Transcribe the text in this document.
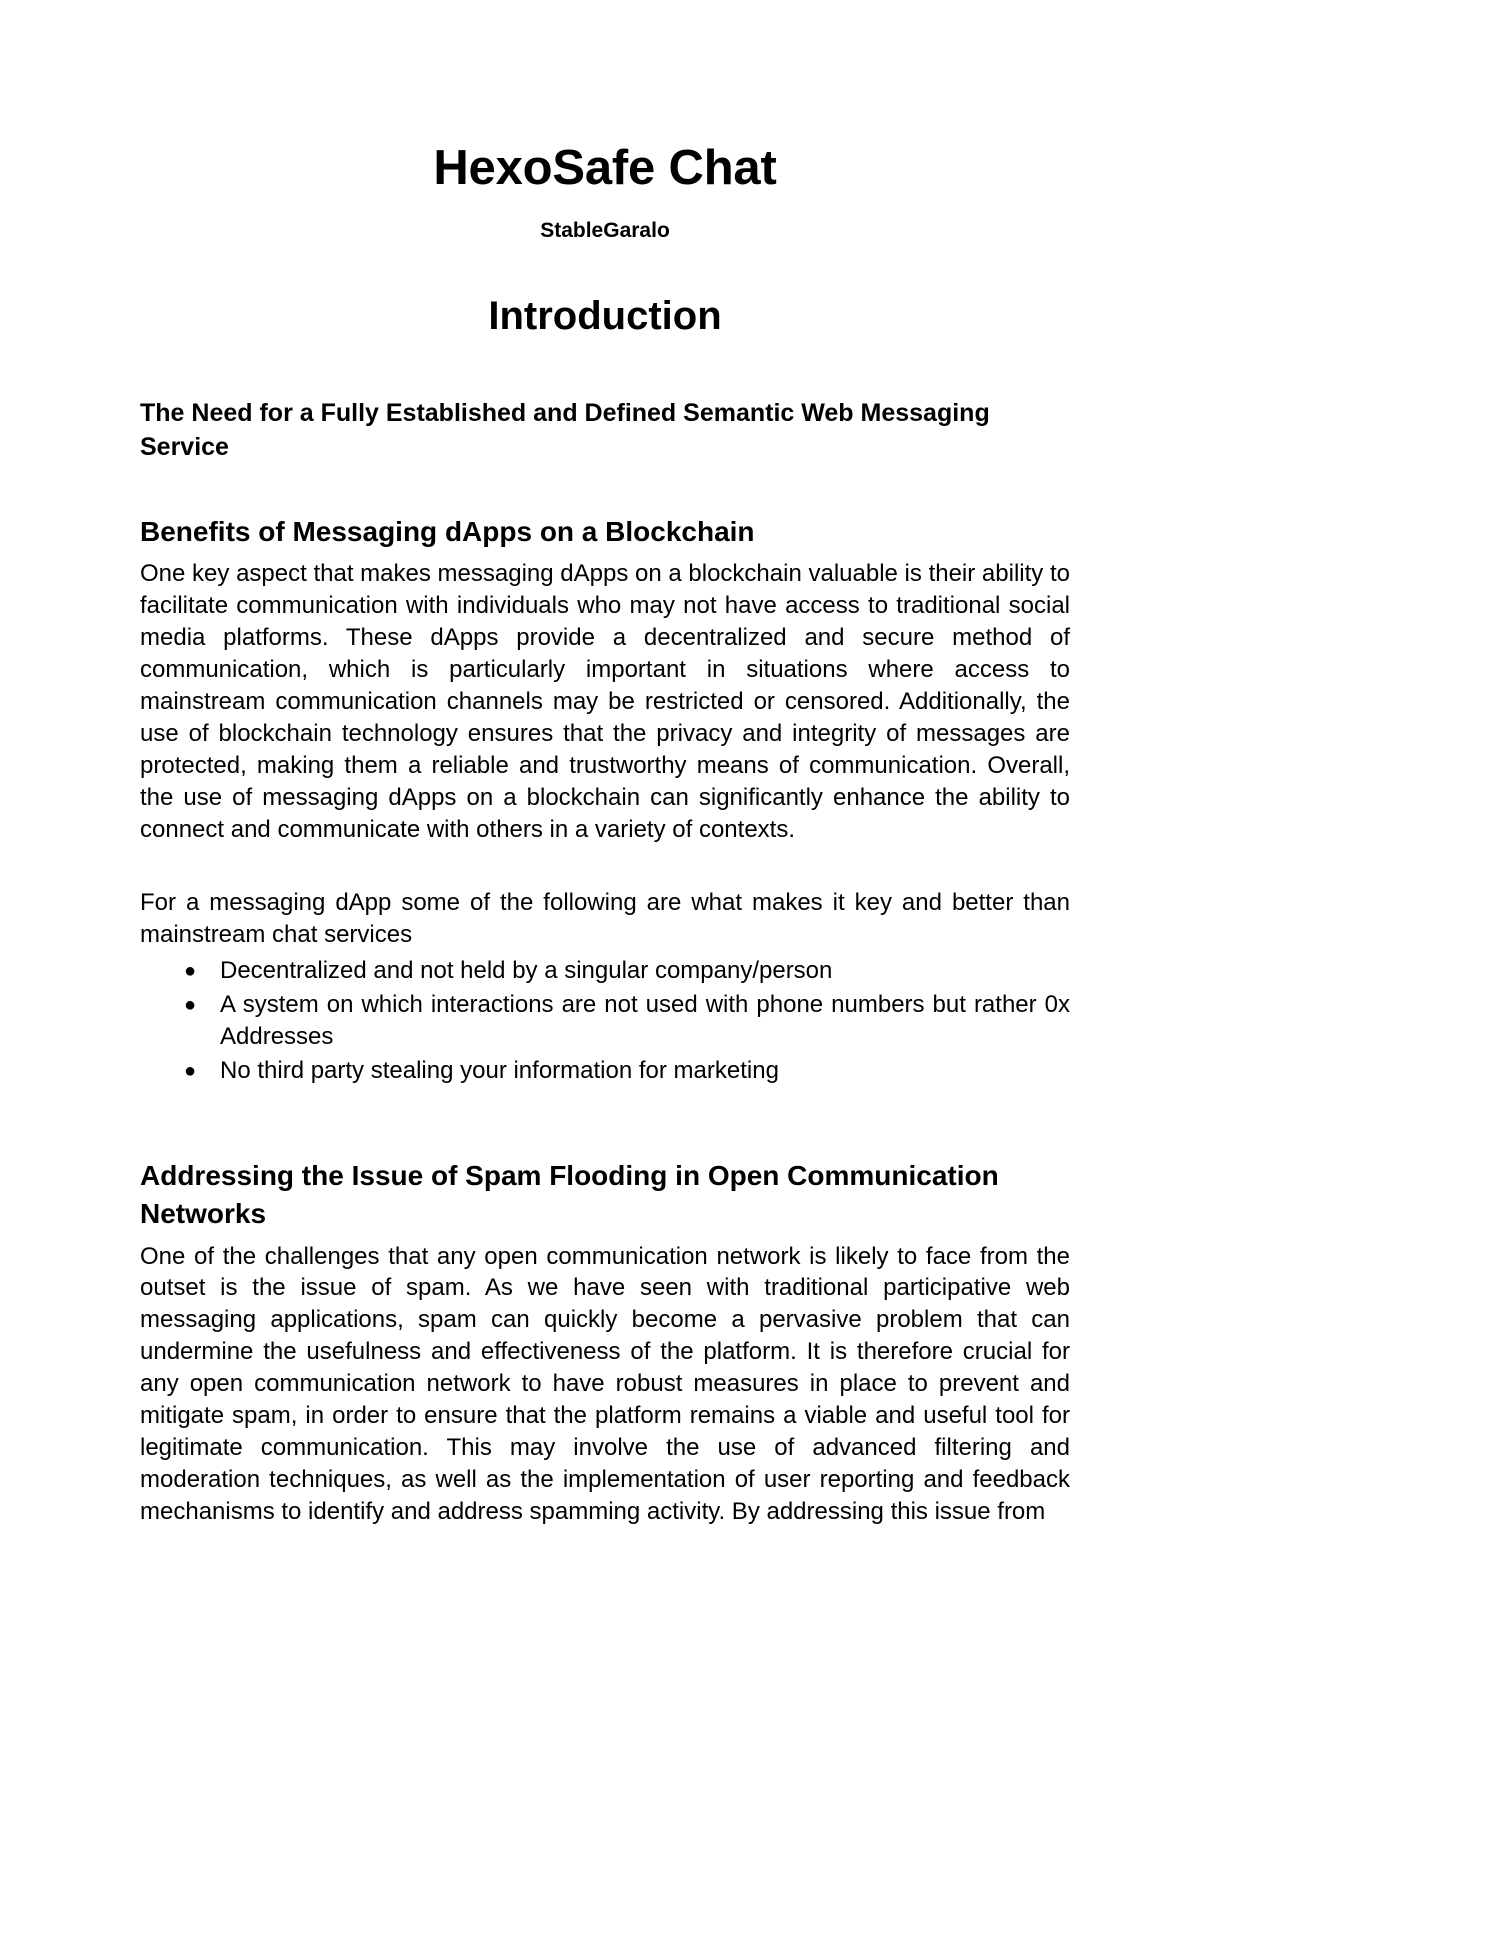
HexoSafe Chat
StableGaralo
Introduction
The Need for a Fully Established and Defined Semantic Web Messaging Service
Benefits of Messaging dApps on a Blockchain

One key aspect that makes messaging dApps on a blockchain valuable is their ability to facilitate communication with individuals who may not have access to traditional social media platforms. These dApps provide a decentralized and secure method of communication, which is particularly important in situations where access to mainstream communication channels may be restricted or censored. Additionally, the use of blockchain technology ensures that the privacy and integrity of messages are protected, making them a reliable and trustworthy means of communication. Overall, the use of messaging dApps on a blockchain can significantly enhance the ability to connect and communicate with others in a variety of contexts.

For a messaging dApp some of the following are what makes it key and better than mainstream chat services

● Decentralized and not held by a singular company/person
● A system on which interactions are not used with phone numbers but rather 0x Addresses
● No third party stealing your information for marketing
Addressing the Issue of Spam Flooding in Open Communication Networks

One of the challenges that any open communication network is likely to face from the outset is the issue of spam. As we have seen with traditional participative web messaging applications, spam can quickly become a pervasive problem that can undermine the usefulness and effectiveness of the platform. It is therefore crucial for any open communication network to have robust measures in place to prevent and mitigate spam, in order to ensure that the platform remains a viable and useful tool for legitimate communication. This may involve the use of advanced filtering and moderation techniques, as well as the implementation of user reporting and feedback mechanisms to identify and address spamming activity. By addressing this issue from
